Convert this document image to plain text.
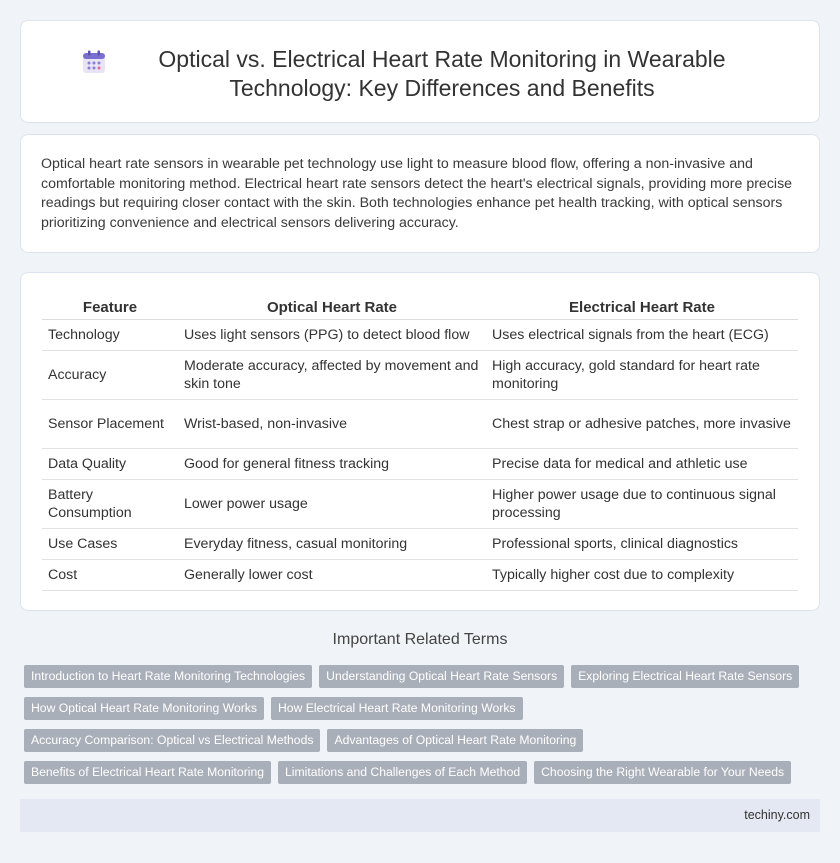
Optical vs. Electrical Heart Rate Monitoring in Wearable Technology: Key Differences and Benefits

Optical heart rate sensors in wearable pet technology use light to measure blood flow, offering a non-invasive and comfortable monitoring method. Electrical heart rate sensors detect the heart's electrical signals, providing more precise readings but requiring closer contact with the skin. Both technologies enhance pet health tracking, with optical sensors prioritizing convenience and electrical sensors delivering accuracy.

Feature	Optical Heart Rate	Electrical Heart Rate
Technology	Uses light sensors (PPG) to detect blood flow	Uses electrical signals from the heart (ECG)
Accuracy	Moderate accuracy, affected by movement and skin tone	High accuracy, gold standard for heart rate monitoring
Sensor Placement	Wrist-based, non-invasive	Chest strap or adhesive patches, more invasive
Data Quality	Good for general fitness tracking	Precise data for medical and athletic use
Battery Consumption	Lower power usage	Higher power usage due to continuous signal processing
Use Cases	Everyday fitness, casual monitoring	Professional sports, clinical diagnostics
Cost	Generally lower cost	Typically higher cost due to complexity
Important Related Terms
Introduction to Heart Rate Monitoring Technologies	Understanding Optical Heart Rate Sensors	Exploring Electrical Heart Rate Sensors
How Optical Heart Rate Monitoring Works	How Electrical Heart Rate Monitoring Works
Accuracy Comparison: Optical vs Electrical Methods	Advantages of Optical Heart Rate Monitoring
Benefits of Electrical Heart Rate Monitoring	Limitations and Challenges of Each Method	Choosing the Right Wearable for Your Needs
techiny.com
